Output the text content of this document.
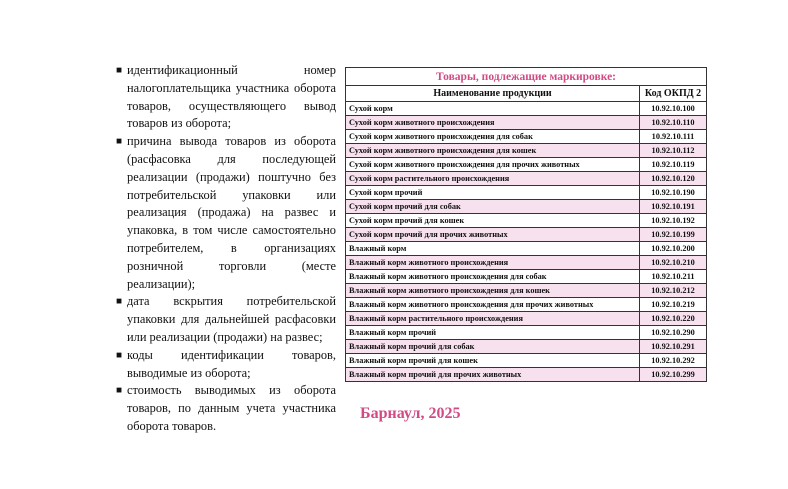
■ идентификационный номер налогоплательщика участника оборота товаров, осуществляющего вывод товаров из оборота;
■ причина вывода товаров из оборота (расфасовка для последующей реализации (продажи) поштучно без потребительской упаковки или реализация (продажа) на развес и упаковка, в том числе самостоятельно потребителем, в организациях розничной торговли (месте реализации);
■ дата вскрытия потребительской упаковки для дальнейшей расфасовки или реализации (продажи) на развес;
■ коды идентификации товаров, выводимые из оборота;
■ стоимость выводимых из оборота товаров, по данным учета участника оборота товаров.
Товары, подлежащие маркировке:	
Наименование продукции	Код ОКПД 2
Сухой корм	10.92.10.100
Сухой корм животного происхождения	10.92.10.110
Сухой корм животного происхождения для собак	10.92.10.111
Сухой корм животного происхождения для кошек	10.92.10.112
Сухой корм животного происхождения для прочих животных	10.92.10.119
Сухой корм растительного происхождения	10.92.10.120
Сухой корм прочий	10.92.10.190
Сухой корм прочий для собак	10.92.10.191
Сухой корм прочий для кошек	10.92.10.192
Сухой корм прочий для прочих животных	10.92.10.199
Влажный корм	10.92.10.200
Влажный корм животного происхождения	10.92.10.210
Влажный корм животного происхождения для собак	10.92.10.211
Влажный корм животного происхождения для кошек	10.92.10.212
Влажный корм животного происхождения для прочих животных	10.92.10.219
Влажный корм растительного происхождения	10.92.10.220
Влажный корм прочий	10.92.10.290
Влажный корм прочий для собак	10.92.10.291
Влажный корм прочий для кошек	10.92.10.292
Влажный корм прочий для прочих животных	10.92.10.299
Барнаул, 2025
